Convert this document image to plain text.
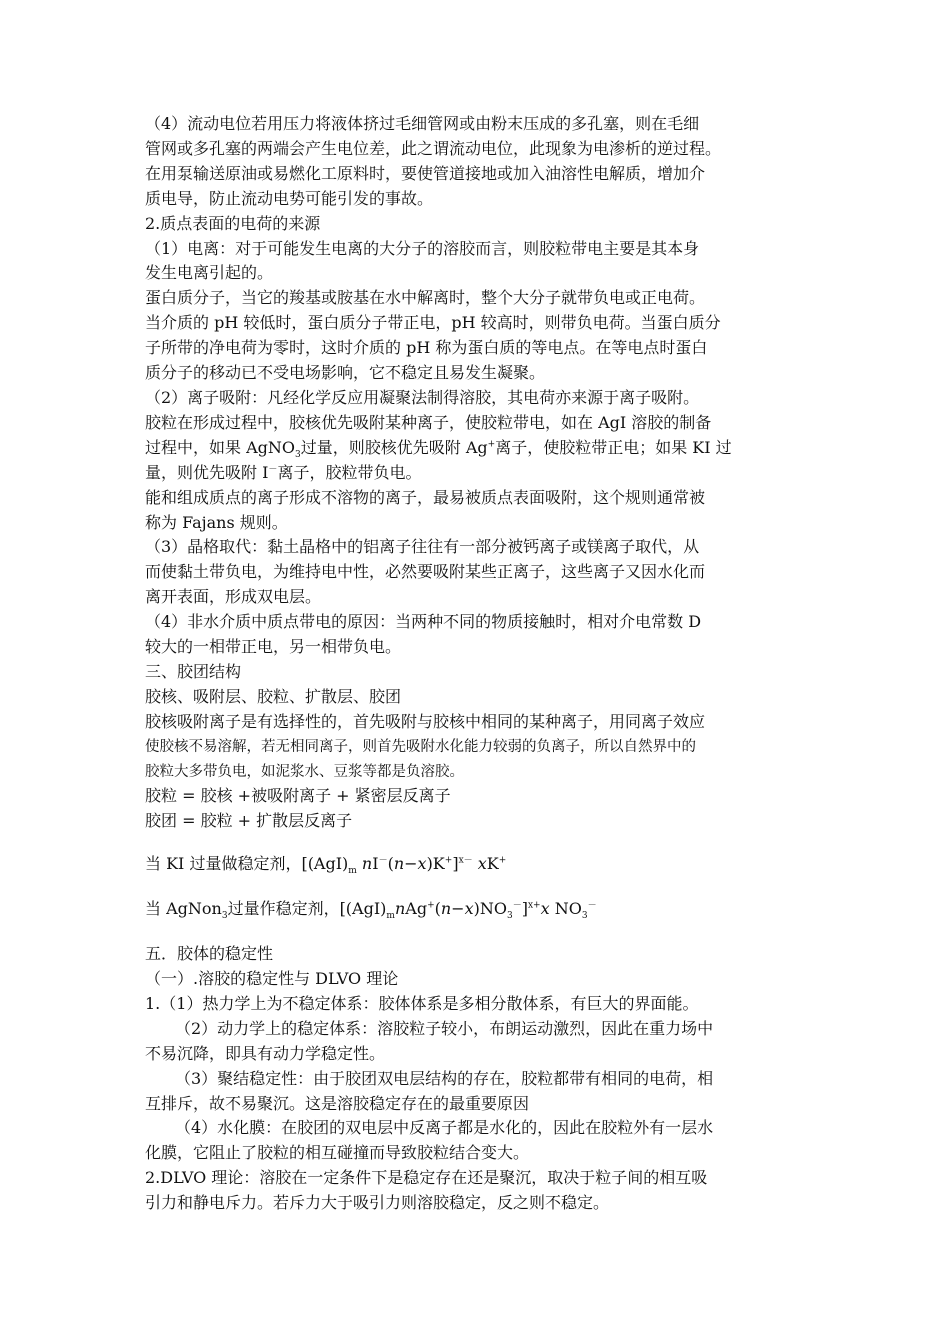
（4）流动电位若用压力将液体挤过毛细管网或由粉末压成的多孔塞，则在毛细
管网或多孔塞的两端会产生电位差，此之谓流动电位，此现象为电渗析的逆过程。
在用泵输送原油或易燃化工原料时，要使管道接地或加入油溶性电解质，增加介
质电导，防止流动电势可能引发的事故。
2.质点表面的电荷的来源
（1）电离：对于可能发生电离的大分子的溶胶而言，则胶粒带电主要是其本身
发生电离引起的。
蛋白质分子，当它的羧基或胺基在水中解离时，整个大分子就带负电或正电荷。
当介质的 pH 较低时，蛋白质分子带正电，pH 较高时，则带负电荷。当蛋白质分
子所带的净电荷为零时，这时介质的 pH 称为蛋白质的等电点。在等电点时蛋白
质分子的移动已不受电场影响，它不稳定且易发生凝聚。
（2）离子吸附：凡经化学反应用凝聚法制得溶胶，其电荷亦来源于离子吸附。
胶粒在形成过程中，胶核优先吸附某种离子，使胶粒带电，如在 AgI 溶胶的制备
过程中，如果 AgNO$_3$过量，则胶核优先吸附 Ag+离子，使胶粒带正电；如果 KI 过
量，则优先吸附 I－离子，胶粒带负电。
能和组成质点的离子形成不溶物的离子，最易被质点表面吸附，这个规则通常被
称为 Fajans 规则。
（3）晶格取代：黏土晶格中的铝离子往往有一部分被钙离子或镁离子取代，从
而使黏土带负电，为维持电中性，必然要吸附某些正离子，这些离子又因水化而
离开表面，形成双电层。
（4）非水介质中质点带电的原因：当两种不同的物质接触时，相对介电常数 D
较大的一相带正电，另一相带负电。
三、胶团结构
胶核、吸附层、胶粒、扩散层、胶团
胶核吸附离子是有选择性的，首先吸附与胶核中相同的某种离子，用同离子效应
使胶核不易溶解，若无相同离子，则首先吸附水化能力较弱的负离子，所以自然界中的
胶粒大多带负电，如泥浆水、豆浆等都是负溶胶。
胶粒 = 胶核 +被吸附离子 + 紧密层反离子
胶团 = 胶粒 + 扩散层反离子
当 KI 过量做稳定剂，[$(AgI)_m$ nI－(n−x)K+]$^{x-}$ xK+
当 AgNon$_3$过量作稳定剂，$[(AgI)_mnAg^+(n-x)NO_3^-]^{x+}x$ $NO_3^-$
五．胶体的稳定性
（一）.溶胶的稳定性与 DLVO 理论
1.（1）热力学上为不稳定体系：胶体体系是多相分散体系，有巨大的界面能。
（2）动力学上的稳定体系：溶胶粒子较小，布朗运动激烈，因此在重力场中
不易沉降，即具有动力学稳定性。
（3）聚结稳定性：由于胶团双电层结构的存在，胶粒都带有相同的电荷，相
互排斥，故不易聚沉。这是溶胶稳定存在的最重要原因
（4）水化膜：在胶团的双电层中反离子都是水化的，因此在胶粒外有一层水
化膜，它阻止了胶粒的相互碰撞而导致胶粒结合变大。
2.DLVO 理论：溶胶在一定条件下是稳定存在还是聚沉，取决于粒子间的相互吸
引力和静电斥力。若斥力大于吸引力则溶胶稳定，反之则不稳定。
